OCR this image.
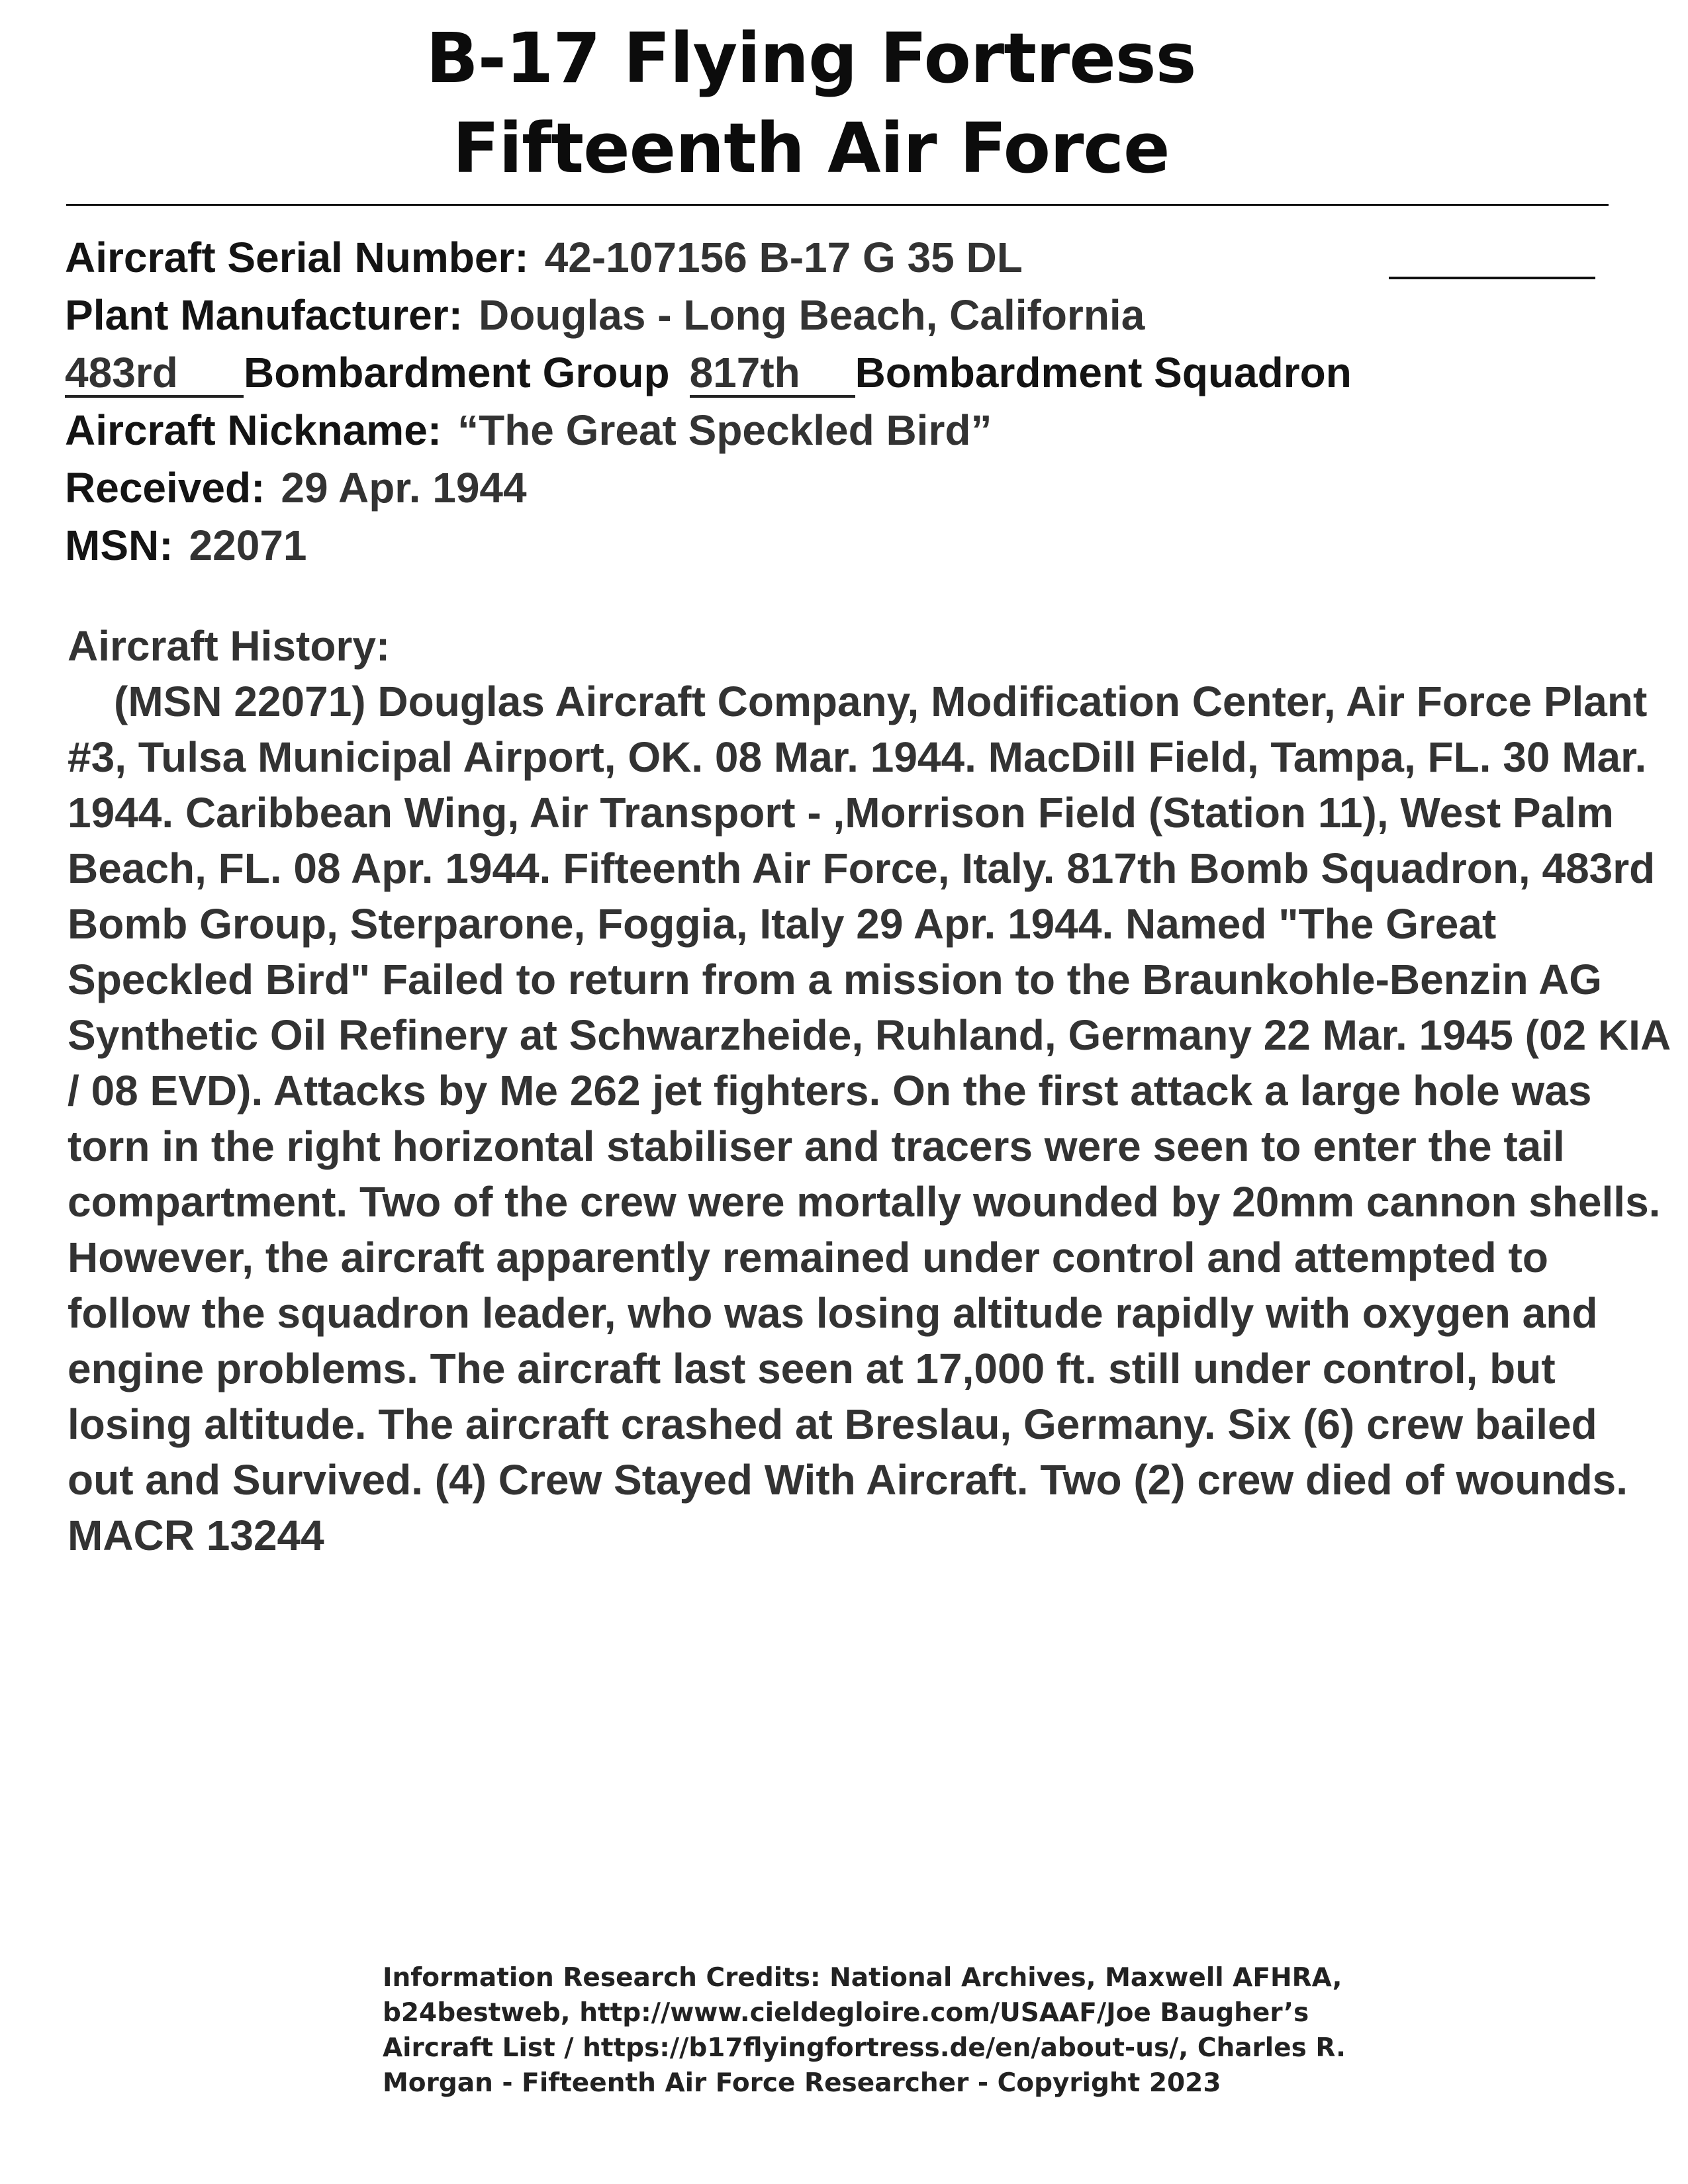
B-17 Flying Fortress
Fifteenth Air Force
Aircraft Serial Number: 42-107156 B-17 G 35 DL
Plant Manufacturer: Douglas - Long Beach, California
483rd Bombardment Group 817th Bombardment Squadron
Aircraft Nickname: “The Great Speckled Bird”
Received: 29 Apr. 1944
MSN: 22071
Aircraft History:

(MSN 22071) Douglas Aircraft Company, Modification Center, Air Force Plant #3, Tulsa Municipal Airport, OK. 08 Mar. 1944. MacDill Field, Tampa, FL. 30 Mar. 1944. Caribbean Wing, Air Transport - ,Morrison Field (Station 11), West Palm Beach, FL. 08 Apr. 1944. Fifteenth Air Force, Italy. 817th Bomb Squadron, 483rd Bomb Group, Sterparone, Foggia, Italy 29 Apr. 1944. Named "The Great Speckled Bird" Failed to return from a mission to the Braunkohle-Benzin AG Synthetic Oil Refinery at Schwarzheide, Ruhland, Germany 22 Mar. 1945 (02 KIA / 08 EVD). Attacks by Me 262 jet fighters. On the first attack a large hole was torn in the right horizontal stabiliser and tracers were seen to enter the tail compartment. Two of the crew were mortally wounded by 20mm cannon shells. However, the aircraft apparently remained under control and attempted to follow the squadron leader, who was losing altitude rapidly with oxygen and engine problems. The aircraft last seen at 17,000 ft. still under control, but losing altitude. The aircraft crashed at Breslau, Germany. Six (6) crew bailed out and Survived. (4) Crew Stayed With Aircraft. Two (2) crew died of wounds.

MACR 13244
Information Research Credits: National Archives, Maxwell AFHRA,
b24bestweb, http://www.cieldegloire.com/USAAF/Joe Baugher’s
Aircraft List / https://b17flyingfortress.de/en/about-us/, Charles R.
Morgan - Fifteenth Air Force Researcher - Copyright 2023
